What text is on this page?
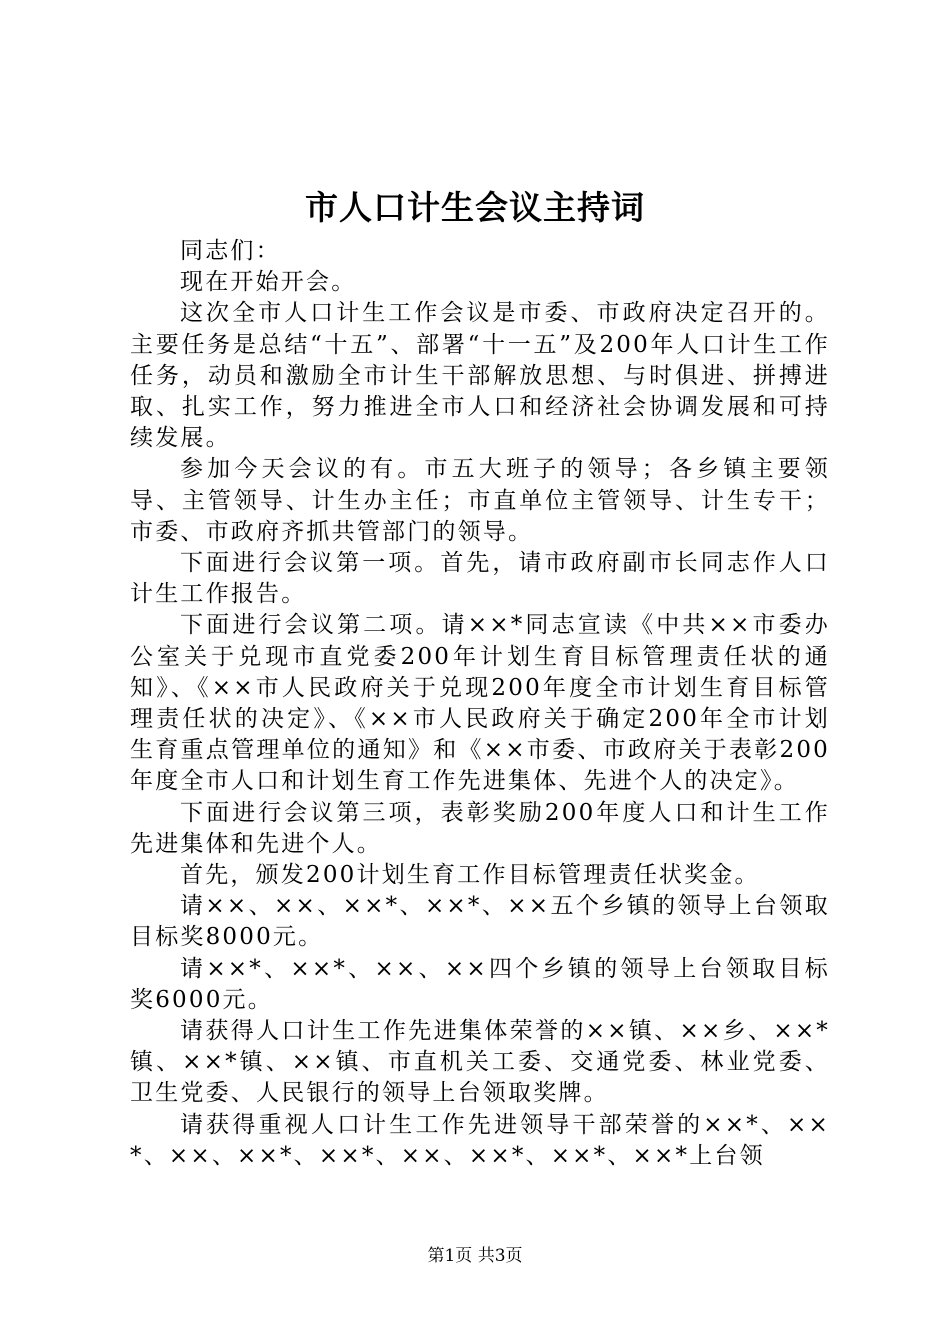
市人口计生会议主持词

同志们：

现在开始开会。

这次全市人口计生工作会议是市委、市政府决定召开的。主要任务是总结“十五”、部署“十一五”及200年人口计生工作任务，动员和激励全市计生干部解放思想、与时俱进、拼搏进取、扎实工作，努力推进全市人口和经济社会协调发展和可持续发展。

参加今天会议的有。市五大班子的领导；各乡镇主要领导、主管领导、计生办主任；市直单位主管领导、计生专干；市委、市政府齐抓共管部门的领导。

下面进行会议第一项。首先，请市政府副市长同志作人口计生工作报告。

下面进行会议第二项。请××*同志宣读《中共××市委办公室关于兑现市直党委200年计划生育目标管理责任状的通知》、《××市人民政府关于兑现200年度全市计划生育目标管理责任状的决定》、《××市人民政府关于确定200年全市计划生育重点管理单位的通知》和《××市委、市政府关于表彰200年度全市人口和计划生育工作先进集体、先进个人的决定》。

下面进行会议第三项，表彰奖励200年度人口和计生工作先进集体和先进个人。

首先，颁发200计划生育工作目标管理责任状奖金。

请××、××、××*、××*、××五个乡镇的领导上台领取目标奖8000元。

请××*、××*、××、××四个乡镇的领导上台领取目标奖6000元。

请获得人口计生工作先进集体荣誉的××镇、××乡、××*镇、××*镇、××镇、市直机关工委、交通党委、林业党委、卫生党委、人民银行的领导上台领取奖牌。

请获得重视人口计生工作先进领导干部荣誉的××*、××*、××、××*、××*、××、××*、××*、××*上台领

第1页 共3页
